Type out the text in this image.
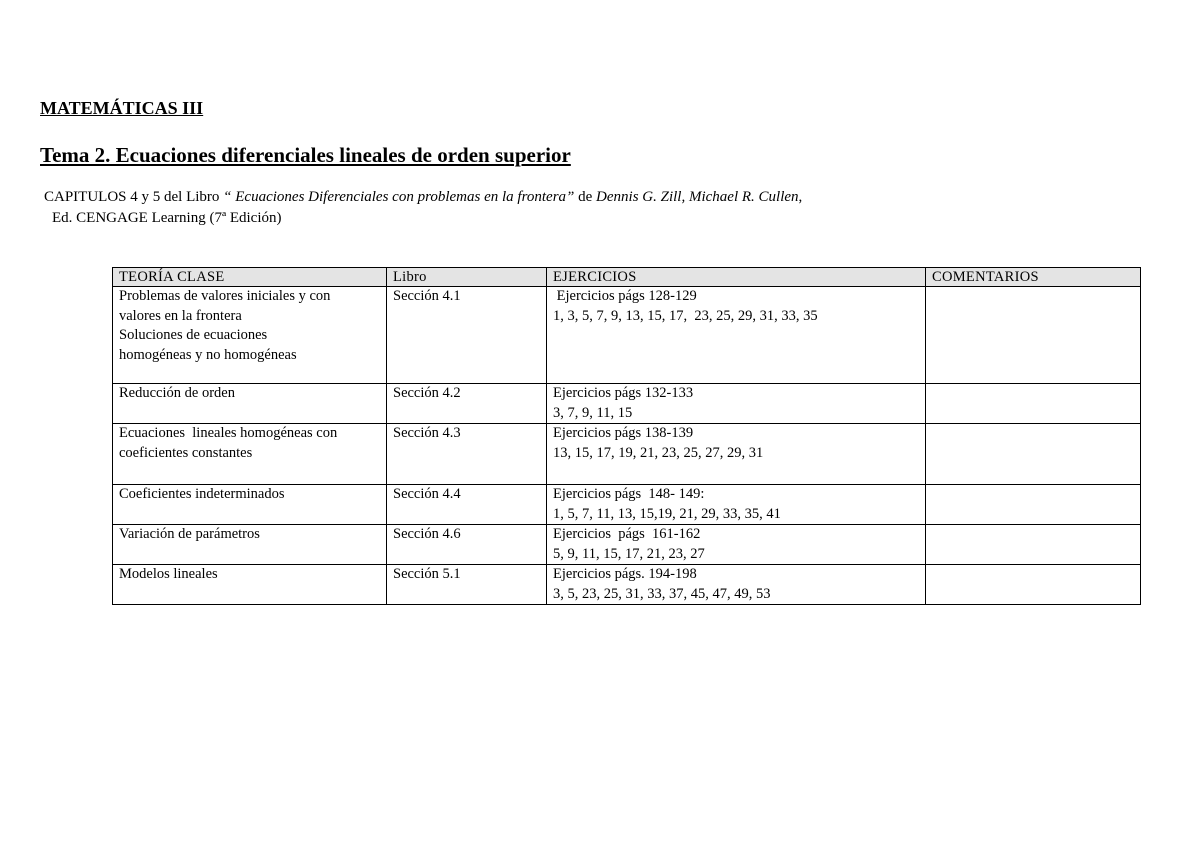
MATEMÁTICAS III
Tema 2. Ecuaciones diferenciales lineales de orden superior
CAPITULOS 4 y 5 del Libro “ Ecuaciones Diferenciales con problemas en la frontera” de Dennis G. Zill, Michael R. Cullen,
Ed. CENGAGE Learning (7ª Edición)
TEORÍA CLASE	Libro	EJERCICIOS	COMENTARIOS

Problemas de valores iniciales y con
valores en la frontera
Soluciones de ecuaciones
homogéneas y no homogéneas	Sección 4.1	Ejercicios págs 128-129
1, 3, 5, 7, 9, 13, 15, 17,  23, 25, 29, 31, 33, 35	

Reducción de orden	Sección 4.2	Ejercicios págs 132-133
3, 7, 9, 11, 15	

Ecuaciones  lineales homogéneas con
coeficientes constantes	Sección 4.3	Ejercicios págs 138-139
13, 15, 17, 19, 21, 23, 25, 27, 29, 31	

Coeficientes indeterminados	Sección 4.4	Ejercicios págs  148- 149:
1, 5, 7, 11, 13, 15,19, 21, 29, 33, 35, 41	

Variación de parámetros	Sección 4.6	Ejercicios  págs  161-162
5, 9, 11, 15, 17, 21, 23, 27	

Modelos lineales	Sección 5.1	Ejercicios págs. 194-198
3, 5, 23, 25, 31, 33, 37, 45, 47, 49, 53	
